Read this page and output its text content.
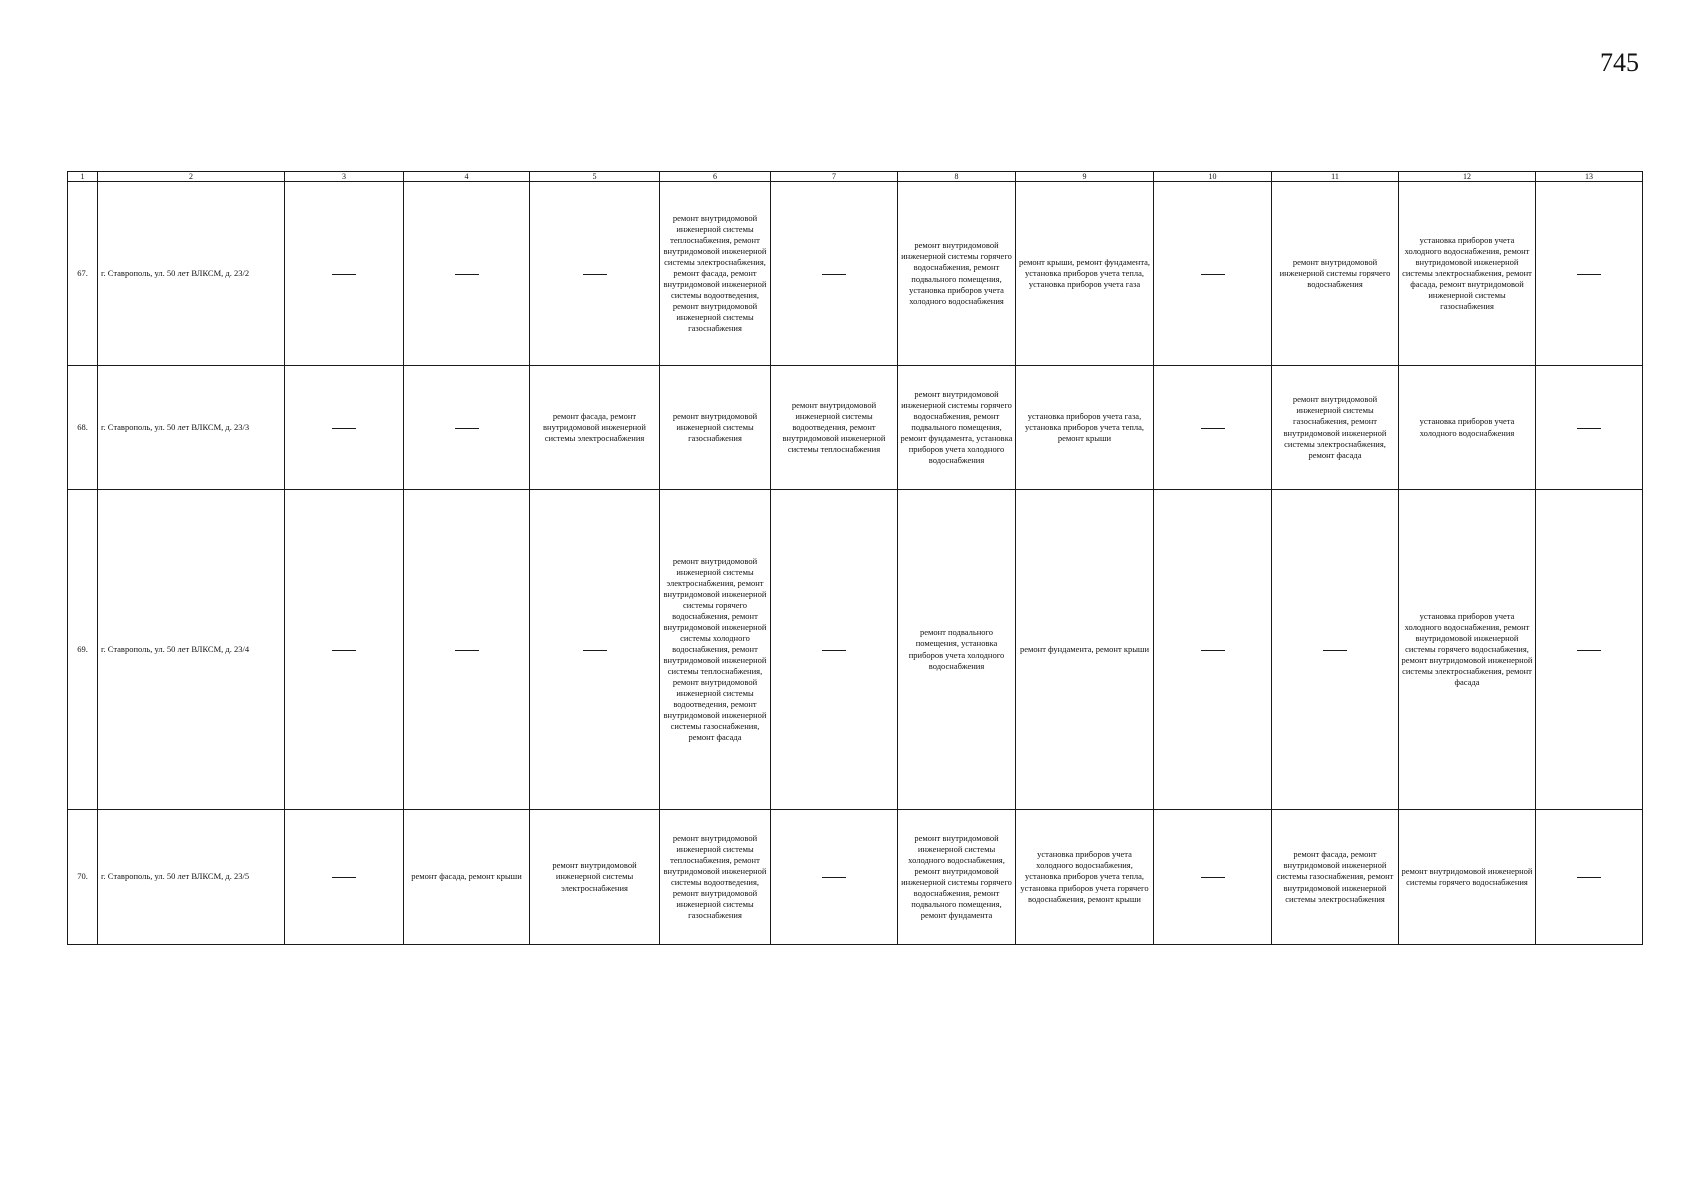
745
1	2	3	4	5	6	7	8	9	10	11	12	13
67.	г. Ставрополь, ул. 50 лет ВЛКСМ, д. 23/2				ремонт внутридомовой инженерной системы теплоснабжения, ремонт внутридомовой инженерной системы электроснабжения, ремонт фасада, ремонт внутридомовой инженерной системы водоотведения, ремонт внутридомовой инженерной системы газоснабжения		ремонт внутридомовой инженерной системы горячего водоснабжения, ремонт подвального помещения, установка приборов учета холодного водоснабжения	ремонт крыши, ремонт фундамента, установка приборов учета тепла, установка приборов учета газа		ремонт внутридомовой инженерной системы горячего водоснабжения	установка приборов учета холодного водоснабжения, ремонт внутридомовой инженерной системы электроснабжения, ремонт фасада, ремонт внутридомовой инженерной системы газоснабжения	

68.	г. Ставрополь, ул. 50 лет ВЛКСМ, д. 23/3			ремонт фасада, ремонт внутридомовой инженерной системы электроснабжения	ремонт внутридомовой инженерной системы газоснабжения	ремонт внутридомовой инженерной системы водоотведения, ремонт внутридомовой инженерной системы теплоснабжения	ремонт внутридомовой инженерной системы горячего водоснабжения, ремонт подвального помещения, ремонт фундамента, установка приборов учета холодного водоснабжения	установка приборов учета газа, установка приборов учета тепла, ремонт крыши		ремонт внутридомовой инженерной системы газоснабжения, ремонт внутридомовой инженерной системы электроснабжения, ремонт фасада	установка приборов учета холодного водоснабжения	

69.	г. Ставрополь, ул. 50 лет ВЛКСМ, д. 23/4				ремонт внутридомовой инженерной системы электроснабжения, ремонт внутридомовой инженерной системы горячего водоснабжения, ремонт внутридомовой инженерной системы холодного водоснабжения, ремонт внутридомовой инженерной системы теплоснабжения, ремонт внутридомовой инженерной системы водоотведения, ремонт внутридомовой инженерной системы газоснабжения, ремонт фасада		ремонт подвального помещения, установка приборов учета холодного водоснабжения	ремонт фундамента, ремонт крыши			установка приборов учета холодного водоснабжения, ремонт внутридомовой инженерной системы горячего водоснабжения, ремонт внутридомовой инженерной системы электроснабжения, ремонт фасада	

70.	г. Ставрополь, ул. 50 лет ВЛКСМ, д. 23/5		ремонт фасада, ремонт крыши	ремонт внутридомовой инженерной системы электроснабжения	ремонт внутридомовой инженерной системы теплоснабжения, ремонт внутридомовой инженерной системы водоотведения, ремонт внутридомовой инженерной системы газоснабжения		ремонт внутридомовой инженерной системы холодного водоснабжения, ремонт внутридомовой инженерной системы горячего водоснабжения, ремонт подвального помещения, ремонт фундамента	установка приборов учета холодного водоснабжения, установка приборов учета тепла, установка приборов учета горячего водоснабжения, ремонт крыши		ремонт фасада, ремонт внутридомовой инженерной системы газоснабжения, ремонт внутридомовой инженерной системы электроснабжения	ремонт внутридомовой инженерной системы горячего водоснабжения	
